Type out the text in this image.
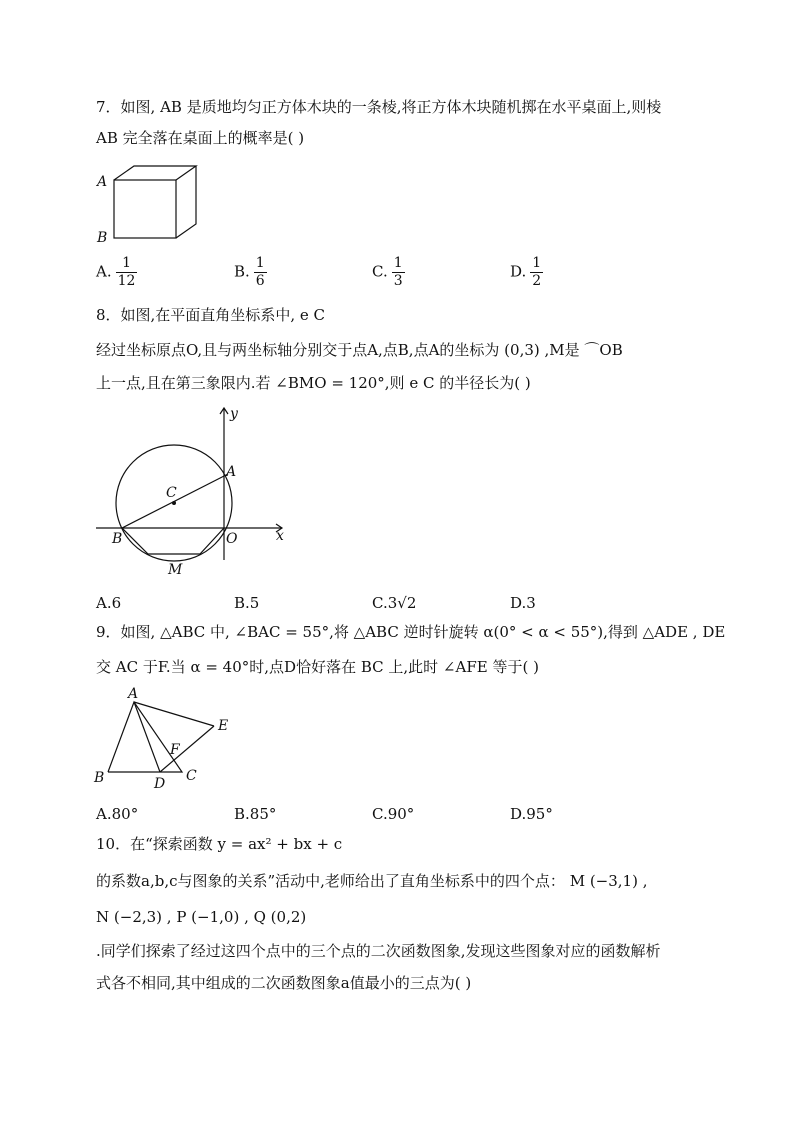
7．如图, AB 是质地均匀正方体木块的一条棱,将正方体木块随机掷在水平桌面上,则棱
AB 完全落在桌面上的概率是( )
A
B
A. $\frac{1}{12}$	B. $\frac{1}{6}$	C. $\frac{1}{3}$	D. $\frac{1}{2}$
8．如图,在平面直角坐标系中, e C
经过坐标原点O,且与两坐标轴分别交于点A,点B,点A的坐标为 (0,3) ,M是 ⌒OB
上一点,且在第三象限内.若 ∠BMO = 120°,则 e C 的半径长为( )
y
x
A
C
B	O
M
A.6	B.5	C.3√2	D.3
9．如图, △ABC 中, ∠BAC = 55°,将 △ABC 逆时针旋转 α(0° < α < 55°),得到 △ADE , DE
交 AC 于F.当 α = 40°时,点D恰好落在 BC 上,此时 ∠AFE 等于( )
A
E
F
B	D C
A.80°	B.85°	C.90°	D.95°
10．在“探索函数 y = ax² + bx + c
的系数a,b,c与图象的关系”活动中,老师给出了直角坐标系中的四个点： M (−3,1) ,
N (−2,3) , P (−1,0) , Q (0,2)
.同学们探索了经过这四个点中的三个点的二次函数图象,发现这些图象对应的函数解析
式各不相同,其中组成的二次函数图象a值最小的三点为( )
